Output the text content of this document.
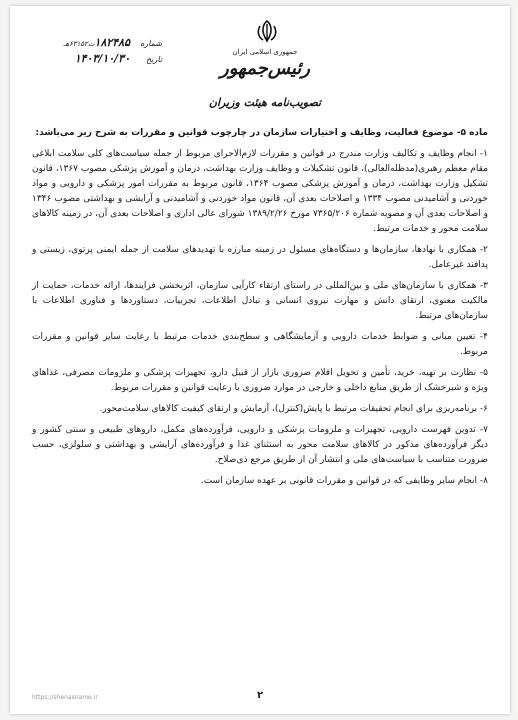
جمهوری اسلامی ایران
رئیس‌جمهور
تصویب‌نامه هیئت وزیران
شماره
۱۸۲۴۸۵
ت۶۳۱۵۲هـ
تاریخ
۱۴۰۳/۱۰/۳۰
ماده ۵- موضوع فعالیت، وظایف و اختیارات سازمان در چارچوب قوانین و مقررات به شرح زیر می‌باشد:

۱- انجام وظایف و تکالیف وزارت مندرج در قوانین و مقررات لازم‌الاجرای مربوط از جمله سیاست‌های کلی سلامت ابلاغی مقام معظم رهبری(مدظله‌العالی)، قانون تشکیلات و وظایف وزارت بهداشت، درمان و آموزش پزشکی مصوب ۱۳۶۷، قانون تشکیل وزارت بهداشت، درمان و آموزش پزشکی مصوب ۱۳۶۴، قانون مربوط به مقررات امور پزشکی و دارویی و مواد خوردنی و آشامیدنی مصوب ۱۳۳۴ و اصلاحات بعدی آن، قانون مواد خوردنی و آشامیدنی و آرایشی و بهداشتی مصوب ۱۳۴۶ و اصلاحات بعدی آن و مصوبه شماره ۷۳۶۵/۲۰۶ مورخ ۱۳۸۹/۲/۲۶ شورای عالی اداری و اصلاحات بعدی آن، در زمینه کالاهای سلامت محور و خدمات مرتبط.

۲- همکاری با نهادها، سازمان‌ها و دستگاه‌های مسئول در زمینه مبارزه با تهدیدهای سلامت از جمله ایمنی پرتوی، زیستی و پدافند غیرعامل.

۳- همکاری با سازمان‌های ملی و بین‌المللی در راستای ارتقاء کارآیی سازمان، اثربخشی فرایندها، ارائه خدمات، حمایت از مالکیت معنوی، ارتقای دانش و مهارت نیروی انسانی و تبادل اطلاعات، تجربیات، دستاوردها و فناوری اطلاعات با سازمان‌های مرتبط.

۴- تعیین مبانی و ضوابط خدمات دارویی و آزمایشگاهی و سطح‌بندی خدمات مرتبط با رعایت سایر قوانین و مقررات مربوط.

۵- نظارت بر تهیه، خرید، تأمین و تحویل اقلام ضروری بازار از قبیل دارو، تجهیزات پزشکی و ملزومات مصرفی، غذاهای ویژه و شیرخشک از طریق منابع داخلی و خارجی در موارد ضروری با رعایت قوانین و مقررات مربوط.

۶- برنامه‌ریزی برای انجام تحقیقات مرتبط با پایش(کنترل)، آزمایش و ارتقای کیفیت کالاهای سلامت‌محور.

۷- تدوین فهرست دارویی، تجهیزات و ملزومات پزشکی و دارویی، فرآورده‌های مکمل، داروهای طبیعی و سنتی کشور و دیگر فرآورده‌های مذکور در کالاهای سلامت محور به استثنای غذا و فرآورده‌های آرایشی و بهداشتی و سلولزی، حسب ضرورت متناسب با سیاست‌های ملی و انتشار آن از طریق مرجع ذی‌صلاح.

۸- انجام سایر وظایفی که در قوانین و مقررات قانونی بر عهده سازمان است.

۲
https://shenasname.ir
